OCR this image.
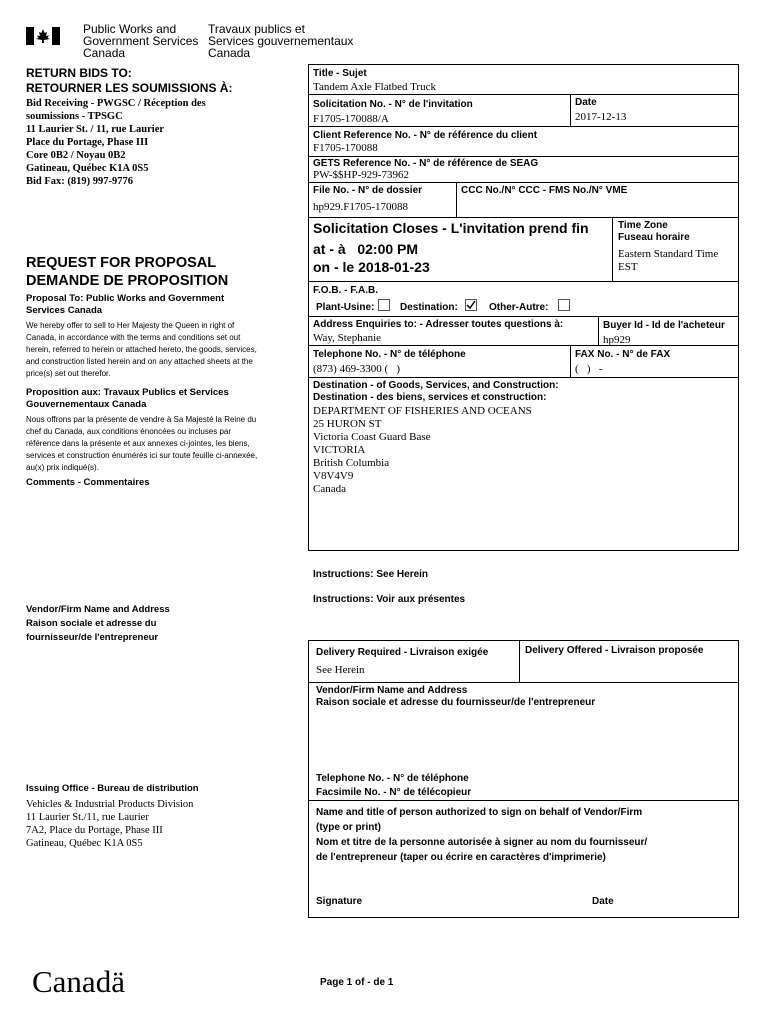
Public Works and
Government Services
Canada
Travaux publics et
Services gouvernementaux
Canada
RETURN BIDS TO:
RETOURNER LES SOUMISSIONS À:
Bid Receiving - PWGSC / Réception des
soumissions - TPSGC
11 Laurier St. / 11, rue Laurier
Place du Portage, Phase III
Core 0B2 / Noyau 0B2
Gatineau, Québec K1A 0S5
Bid Fax: (819) 997-9776
REQUEST FOR PROPOSAL
DEMANDE DE PROPOSITION
Proposal To: Public Works and Government Services Canada
We hereby offer to sell to Her Majesty the Queen in right of Canada, in accordance with the terms and conditions set out herein, referred to herein or attached hereto, the goods, services, and construction listed herein and on any attached sheets at the price(s) set out therefor.
Proposition aux: Travaux Publics et Services Gouvernementaux Canada
Nous offrons par la présente de vendre à Sa Majesté la Reine du chef du Canada, aux conditions énoncées ou incluses par référence dans la présente et aux annexes ci-jointes, les biens, services et construction énumérés ici sur toute feuille ci-annexée, au(x) prix indiqué(s).
Comments - Commentaires
Vendor/Firm Name and Address
Raison sociale et adresse du
fournisseur/de l'entrepreneur
Issuing Office - Bureau de distribution
Vehicles & Industrial Products Division
11 Laurier St./11, rue Laurier
7A2, Place du Portage, Phase III
Gatineau, Québec K1A 0S5
Title - Sujet
Tandem Axle Flatbed Truck
Solicitation No. - N° de l'invitation
F1705-170088/A
Date
2017-12-13
Client Reference No. - N° de référence du client
F1705-170088
GETS Reference No. - N° de référence de SEAG
PW-$$HP-929-73962
File No. - N° de dossier
hp929.F1705-170088
CCC No./N° CCC - FMS No./N° VME
Solicitation Closes - L'invitation prend fin
at - à 02:00 PM
on - le 2018-01-23
Time Zone
Fuseau horaire
Eastern Standard Time
EST
F.O.B. - F.A.B.
Plant-Usine:	Destination:	Other-Autre:
Address Enquiries to: - Adresser toutes questions à:
Way, Stephanie
Buyer Id - Id de l'acheteur
hp929
Telephone No. - N° de téléphone
(873) 469-3300 (   )
FAX No. - N° de FAX
(   )   -
Destination - of Goods, Services, and Construction:
Destination - des biens, services et construction:
DEPARTMENT OF FISHERIES AND OCEANS
25 HURON ST
Victoria Coast Guard Base
VICTORIA
British Columbia
V8V4V9
Canada
Instructions: See Herein
Instructions: Voir aux présentes
Delivery Required - Livraison exigée
See Herein
Delivery Offered - Livraison proposée
Vendor/Firm Name and Address
Raison sociale et adresse du fournisseur/de l'entrepreneur
Telephone No. - N° de téléphone
Facsimile No. - N° de télécopieur
Name and title of person authorized to sign on behalf of Vendor/Firm
(type or print)
Nom et titre de la personne autorisée à signer au nom du fournisseur/
de l'entrepreneur (taper ou écrire en caractères d'imprimerie)
Signature	Date
Canadä	Page 1 of - de 1
